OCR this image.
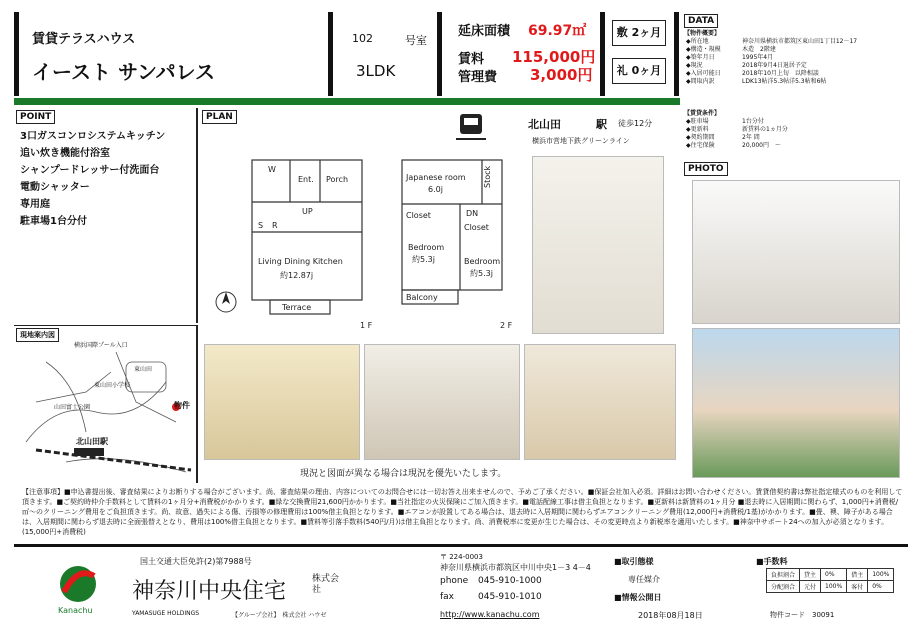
賃貸テラスハウス
イースト サンパレス
102	号室
3LDK
延床面積 69.97㎡
賃料 115,000円
管理費 3,000円
敷 2ヶ月
礼 0ヶ月
DATA
【物件概要】
◆所在地	神奈川県横浜市都筑区東山田1丁目12－17
◆構造・規模	木造　2階建
◆築年月日	1995年4月
◆現況	2018年9月4日退居予定
◆入居可能日	2018年10月上旬　以降相談
◆間取内訳	LDK13帖洋5.3帖洋5.3帖和6帖
【賃貸条件】
◆駐車場	1台分付
◆更新料	新賃料の1ヵ月分
◆契約期間	2年 間
◆住宅保険	20,000円　～
POINT
3口ガスコンロシステムキッチン
追い炊き機能付浴室
シャンプードレッサー付洗面台
電動シャッター
専用庭
駐車場1台分付
現地案内図
横浜国際プール入口
東山田
東山田小学校
山田富士公園
北山田駅
物件
PLAN
北山田	駅 徒歩12分
横浜市営地下鉄グリーンライン
Ent. Porch
Living Dining Kitchen
約12.87j
Terrace
UP
W
R
S
Japanese room
6.0j
Stock
Closet
Bedroom
約5.3j	Bedroom
約5.3j
Closet
Balcony
DN
1 F	2 F
現況と図面が異なる場合は現況を優先いたします。
PHOTO
【注意事項】■申込書提出後、審査結果によりお断りする場合がございます。尚、審査結果の理由、内容についてのお問合せには一切お答え出来ませんので、予めご了承ください。■保証会社加入必須。詳細はお問い合わせください。賃貸借契約書は弊社指定様式のものを利用して頂きます。■ご契約時仲介手数料として賃料の1ヶ月分+消費税がかかります。■緑な交換費用21,600円かかります。■当社指定の火災保険にご加入頂きます。■電話配線工事は借主負担となります。■更新料は新賃料の1ヶ月分 ■退去時に入居期間に関わらず、1,000円+消費税/㎡～のクリーニング費用をご負担頂きます。尚、故意、過失による傷、汚損等の修理費用は100%借主負担となります。■エアコンが設置してある場合は、退去時に入居期間に関わらずエアコンクリーニング費用(12,000円+消費税/1基)がかかります。■畳、襖、障子がある場合は、入居期間に関わらず退去時に全面張替えとなり、費用は100%借主負担となります。■賃料等引落手数料(540円/月)は借主負担となります。尚、消費税率に変更が生じた場合は、その変更時点より新税率を適用いたします。■神奈中サポート24への加入が必須となります。(15,000円+消費税)
国土交通大臣免許(2)第7988号
Kanachu
神奈川中央住宅	株式会社
YAMASUGE HOLDINGS	【グループ会社】　株式会社 ハウゼ
〒 224-0003
神奈川県横浜市都筑区中川中央1－3 4－4
phone 045-910-1000
fax	045-910-1010
http://www.kanachu.com
■取引態様
専任媒介
■情報公開日
2018年08月18日
■手数料
負担割合	貸主	0%	借主	100%
分配割合	元付	100%	客付	0%
物件コード　30091
